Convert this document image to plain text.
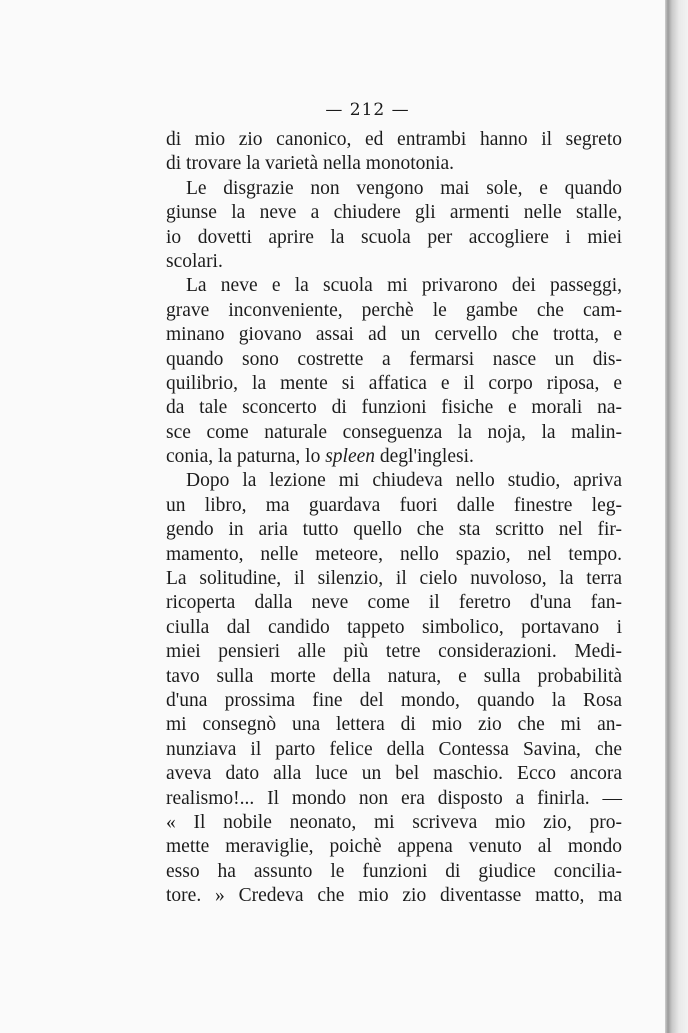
— 212 —
di mio zio canonico, ed entrambi hanno il segreto
di trovare la varietà nella monotonia.
Le disgrazie non vengono mai sole, e quando
giunse la neve a chiudere gli armenti nelle stalle,
io dovetti aprire la scuola per accogliere i miei
scolari.
La neve e la scuola mi privarono dei passeggi,
grave inconveniente, perchè le gambe che cam-
minano giovano assai ad un cervello che trotta, e
quando sono costrette a fermarsi nasce un dis-
quilibrio, la mente si affatica e il corpo riposa, e
da tale sconcerto di funzioni fisiche e morali na-
sce come naturale conseguenza la noja, la malin-
conia, la paturna, lo spleen degl'inglesi.
Dopo la lezione mi chiudeva nello studio, apriva
un libro, ma guardava fuori dalle finestre leg-
gendo in aria tutto quello che sta scritto nel fir-
mamento, nelle meteore, nello spazio, nel tempo.
La solitudine, il silenzio, il cielo nuvoloso, la terra
ricoperta dalla neve come il feretro d'una fan-
ciulla dal candido tappeto simbolico, portavano i
miei pensieri alle più tetre considerazioni. Medi-
tavo sulla morte della natura, e sulla probabilità
d'una prossima fine del mondo, quando la Rosa
mi consegnò una lettera di mio zio che mi an-
nunziava il parto felice della Contessa Savina, che
aveva dato alla luce un bel maschio. Ecco ancora
realismo!... Il mondo non era disposto a finirla. —
« Il nobile neonato, mi scriveva mio zio, pro-
mette meraviglie, poichè appena venuto al mondo
esso ha assunto le funzioni di giudice concilia-
tore. » Credeva che mio zio diventasse matto, ma
